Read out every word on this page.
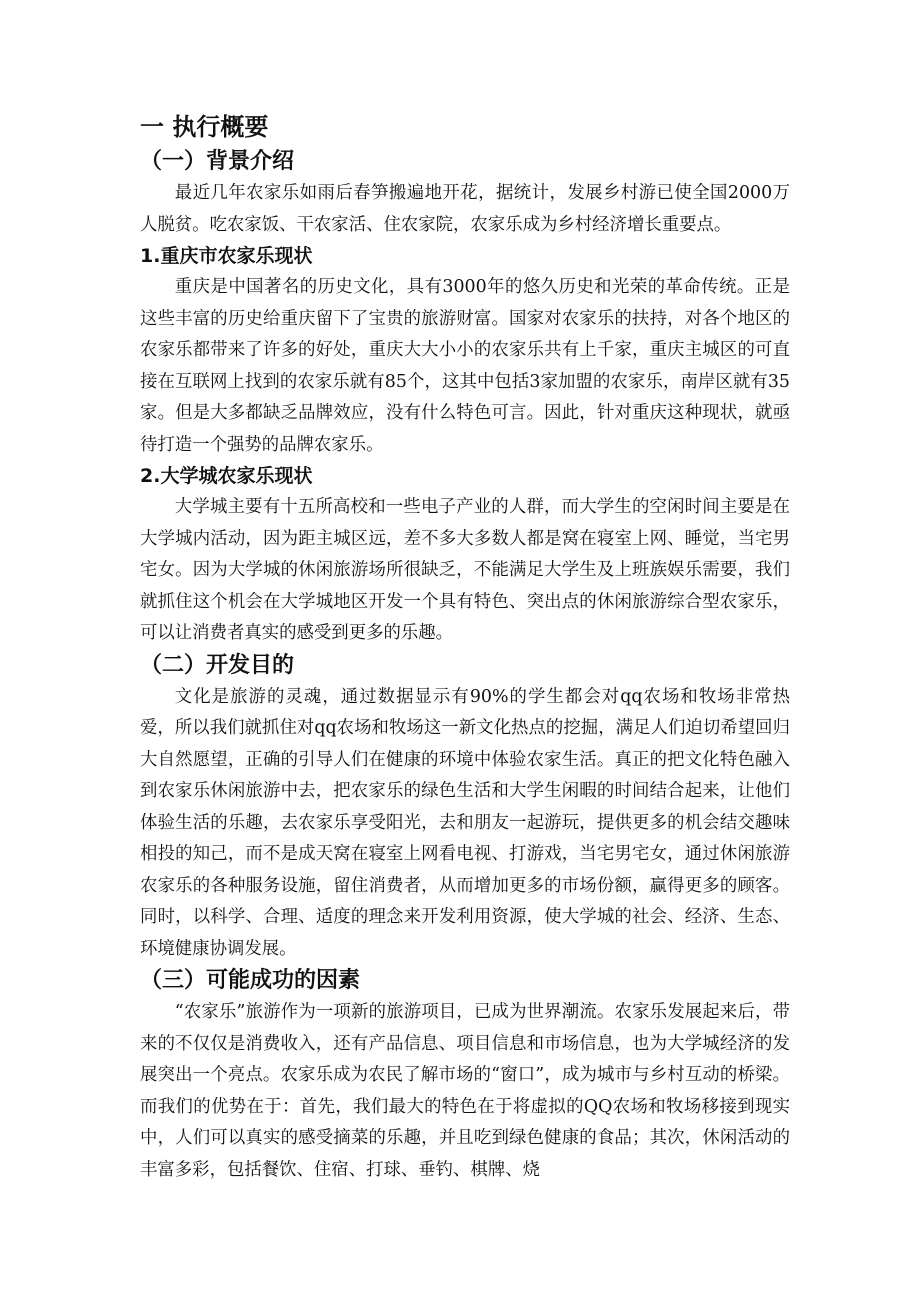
一 执行概要
（一）背景介绍

最近几年农家乐如雨后春笋搬遍地开花，据统计，发展乡村游已使全国2000万人脱贫。吃农家饭、干农家活、住农家院，农家乐成为乡村经济增长重要点。

1.重庆市农家乐现状

重庆是中国著名的历史文化，具有3000年的悠久历史和光荣的革命传统。正是这些丰富的历史给重庆留下了宝贵的旅游财富。国家对农家乐的扶持，对各个地区的农家乐都带来了许多的好处，重庆大大小小的农家乐共有上千家，重庆主城区的可直接在互联网上找到的农家乐就有85个，这其中包括3家加盟的农家乐，南岸区就有35家。但是大多都缺乏品牌效应，没有什么特色可言。因此，针对重庆这种现状，就亟待打造一个强势的品牌农家乐。

2.大学城农家乐现状

大学城主要有十五所高校和一些电子产业的人群，而大学生的空闲时间主要是在大学城内活动，因为距主城区远，差不多大多数人都是窝在寝室上网、睡觉，当宅男宅女。因为大学城的休闲旅游场所很缺乏，不能满足大学生及上班族娱乐需要，我们就抓住这个机会在大学城地区开发一个具有特色、突出点的休闲旅游综合型农家乐，可以让消费者真实的感受到更多的乐趣。

（二）开发目的

文化是旅游的灵魂，通过数据显示有90%的学生都会对qq农场和牧场非常热爱，所以我们就抓住对qq农场和牧场这一新文化热点的挖掘，满足人们迫切希望回归大自然愿望，正确的引导人们在健康的环境中体验农家生活。真正的把文化特色融入到农家乐休闲旅游中去，把农家乐的绿色生活和大学生闲暇的时间结合起来，让他们体验生活的乐趣，去农家乐享受阳光，去和朋友一起游玩，提供更多的机会结交趣味相投的知己，而不是成天窝在寝室上网看电视、打游戏，当宅男宅女，通过休闲旅游农家乐的各种服务设施，留住消费者，从而增加更多的市场份额，赢得更多的顾客。同时，以科学、合理、适度的理念来开发利用资源，使大学城的社会、经济、生态、环境健康协调发展。

（三）可能成功的因素

“农家乐”旅游作为一项新的旅游项目，已成为世界潮流。农家乐发展起来后，带来的不仅仅是消费收入，还有产品信息、项目信息和市场信息，也为大学城经济的发展突出一个亮点。农家乐成为农民了解市场的“窗口”，成为城市与乡村互动的桥梁。而我们的优势在于：首先，我们最大的特色在于将虚拟的QQ农场和牧场移接到现实中，人们可以真实的感受摘菜的乐趣，并且吃到绿色健康的食品；其次，休闲活动的丰富多彩，包括餐饮、住宿、打球、垂钓、棋牌、烧
